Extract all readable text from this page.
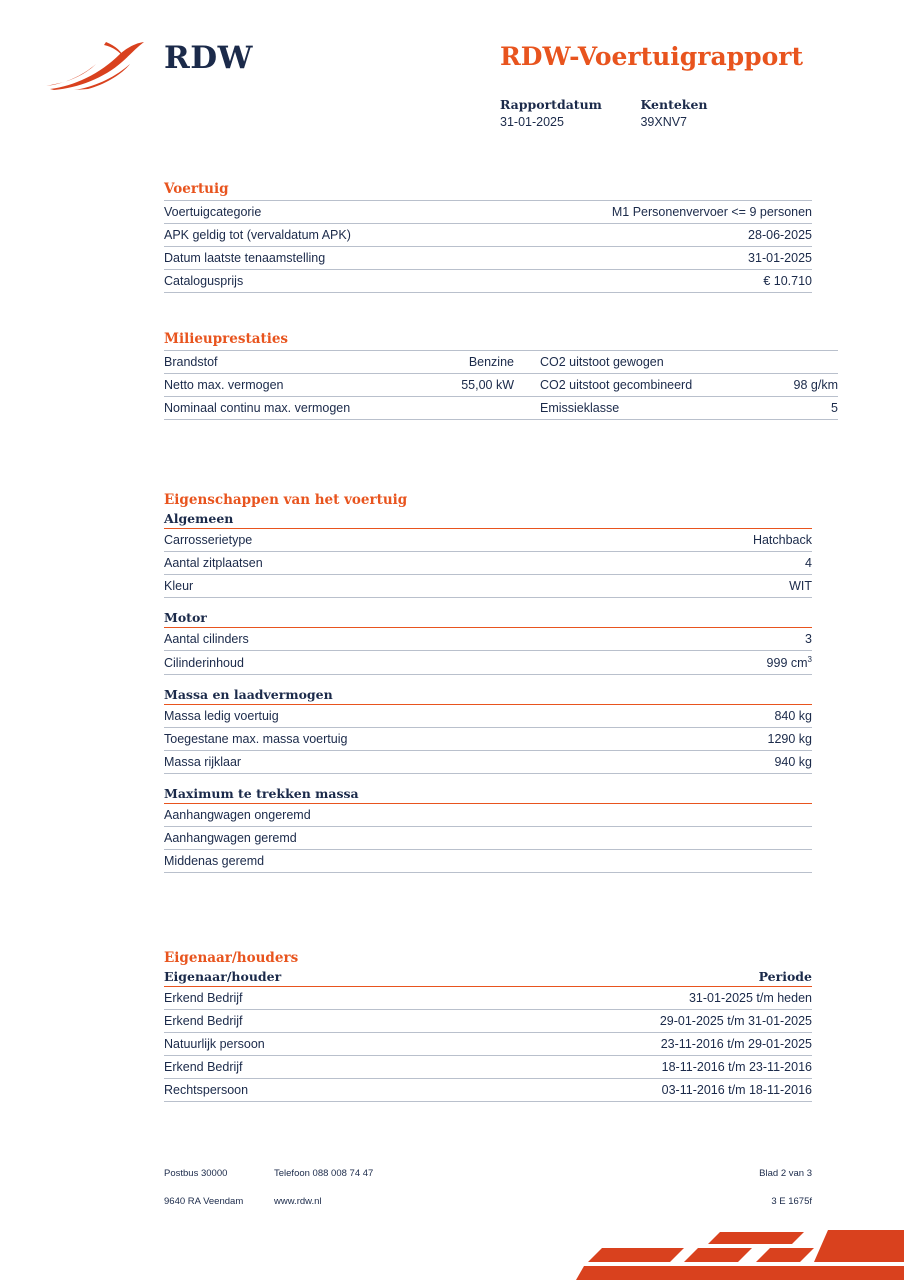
RDW	RDW-Voertuigrapport
Rapportdatum
31-01-2025

Kenteken
39XNV7
Voertuig
Voertuigcategorie	M1 Personenvervoer <= 9 personen
APK geldig tot (vervaldatum APK)	28-06-2025
Datum laatste tenaamstelling	31-01-2025
Catalogusprijs	€ 10.710
Milieuprestaties
Brandstof	Benzine	CO2 uitstoot gewogen	
Netto max. vermogen	55,00 kW	CO2 uitstoot gecombineerd	98 g/km
Nominaal continu max. vermogen		Emissieklasse	5
Eigenschappen van het voertuig
Algemeen
Carrosserietype	Hatchback
Aantal zitplaatsen	4
Kleur	WIT
Motor
Aantal cilinders	3
Cilinderinhoud	999 $cm^3$
Massa en laadvermogen
Massa ledig voertuig	840 kg
Toegestane max. massa voertuig	1290 kg
Massa rijklaar	940 kg
Maximum te trekken massa
Aanhangwagen ongeremd	
Aanhangwagen geremd	
Middenas geremd	
Eigenaar/houders
Eigenaar/houder	Periode
Erkend Bedrijf	31-01-2025 t/m heden
Erkend Bedrijf	29-01-2025 t/m 31-01-2025
Natuurlijk persoon	23-11-2016 t/m 29-01-2025
Erkend Bedrijf	18-11-2016 t/m 23-11-2016
Rechtspersoon	03-11-2016 t/m 18-11-2016
Postbus 30000	Telefoon 088 008 74 47	Blad 2 van 3
9640 RA Veendam	www.rdw.nl	3 E 1675f
